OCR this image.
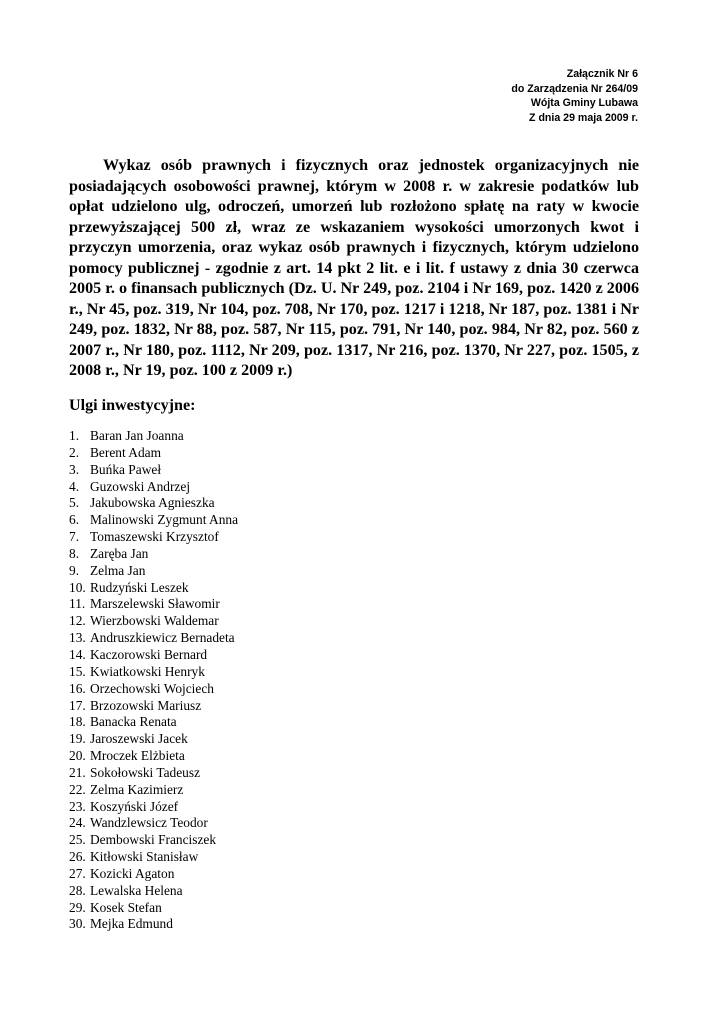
Załącznik Nr 6
do Zarządzenia Nr 264/09
Wójta Gminy Lubawa
Z dnia 29 maja 2009 r.
Wykaz osób prawnych i fizycznych oraz jednostek organizacyjnych nie posiadających osobowości prawnej, którym w 2008 r. w zakresie podatków lub opłat udzielono ulg, odroczeń, umorzeń lub rozłożono spłatę na raty w kwocie przewyższającej 500 zł, wraz ze wskazaniem wysokości umorzonych kwot i przyczyn umorzenia, oraz wykaz osób prawnych i fizycznych, którym udzielono pomocy publicznej - zgodnie z art. 14 pkt 2 lit. e i lit. f ustawy z dnia 30 czerwca 2005 r. o finansach publicznych (Dz. U. Nr 249, poz. 2104 i Nr 169, poz. 1420 z 2006 r., Nr 45, poz. 319, Nr 104, poz. 708, Nr 170, poz. 1217 i 1218, Nr 187, poz. 1381 i Nr 249, poz. 1832, Nr 88, poz. 587, Nr 115, poz. 791, Nr 140, poz. 984, Nr 82, poz. 560 z 2007 r., Nr 180, poz. 1112, Nr 209, poz. 1317, Nr 216, poz. 1370, Nr 227, poz. 1505, z 2008 r., Nr 19, poz. 100 z 2009 r.)
Ulgi inwestycyjne:
1. Baran Jan Joanna
2. Berent Adam
3. Buńka Paweł
4. Guzowski Andrzej
5. Jakubowska Agnieszka
6. Malinowski Zygmunt Anna
7. Tomaszewski Krzysztof
8. Zaręba Jan
9. Zelma Jan
10. Rudzyński Leszek
11. Marszelewski Sławomir
12. Wierzbowski Waldemar
13. Andruszkiewicz Bernadeta
14. Kaczorowski Bernard
15. Kwiatkowski Henryk
16. Orzechowski Wojciech
17. Brzozowski Mariusz
18. Banacka Renata
19. Jaroszewski Jacek
20. Mroczek Elżbieta
21. Sokołowski Tadeusz
22. Zelma Kazimierz
23. Koszyński Józef
24. Wandzlewsicz Teodor
25. Dembowski Franciszek
26. Kitłowski Stanisław
27. Kozicki Agaton
28. Lewalska Helena
29. Kosek Stefan
30. Mejka Edmund
